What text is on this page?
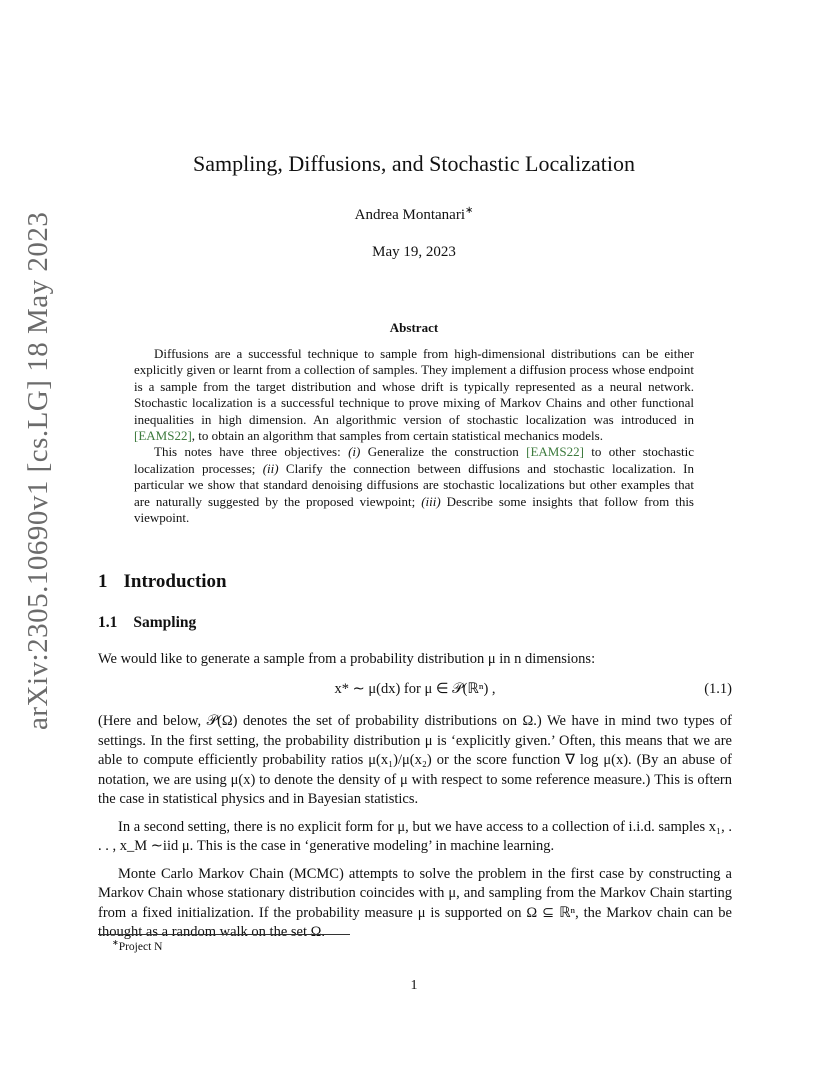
arXiv:2305.10690v1 [cs.LG] 18 May 2023
Sampling, Diffusions, and Stochastic Localization
Andrea Montanari∗
May 19, 2023
Abstract

Diffusions are a successful technique to sample from high-dimensional distributions can be either explicitly given or learnt from a collection of samples. They implement a diffusion process whose endpoint is a sample from the target distribution and whose drift is typically represented as a neural network. Stochastic localization is a successful technique to prove mixing of Markov Chains and other functional inequalities in high dimension. An algorithmic version of stochastic localization was introduced in [EAMS22], to obtain an algorithm that samples from certain statistical mechanics models.

This notes have three objectives: (i) Generalize the construction [EAMS22] to other stochastic localization processes; (ii) Clarify the connection between diffusions and stochastic localization. In particular we show that standard denoising diffusions are stochastic localizations but other examples that are naturally suggested by the proposed viewpoint; (iii) Describe some insights that follow from this viewpoint.

1 Introduction
1.1 Sampling

We would like to generate a sample from a probability distribution μ in n dimensions:

x* ∼ μ(dx) for μ ∈ 𝒫(ℝⁿ) ,	(1.1)

(Here and below, 𝒫(Ω) denotes the set of probability distributions on Ω.) We have in mind two types of settings. In the first setting, the probability distribution μ is ‘explicitly given.’ Often, this means that we are able to compute efficiently probability ratios μ(x₁)/μ(x₂) or the score function ∇ log μ(x). (By an abuse of notation, we are using μ(x) to denote the density of μ with respect to some reference measure.) This is oftern the case in statistical physics and in Bayesian statistics.

In a second setting, there is no explicit form for μ, but we have access to a collection of i.i.d. samples x₁, . . . , x_M ∼iid μ. This is the case in ‘generative modeling’ in machine learning.

Monte Carlo Markov Chain (MCMC) attempts to solve the problem in the first case by constructing a Markov Chain whose stationary distribution coincides with μ, and sampling from the Markov Chain starting from a fixed initialization. If the probability measure μ is supported on Ω ⊆ ℝⁿ, the Markov chain can be thought as a random walk on the set Ω.

∗Project N
1
